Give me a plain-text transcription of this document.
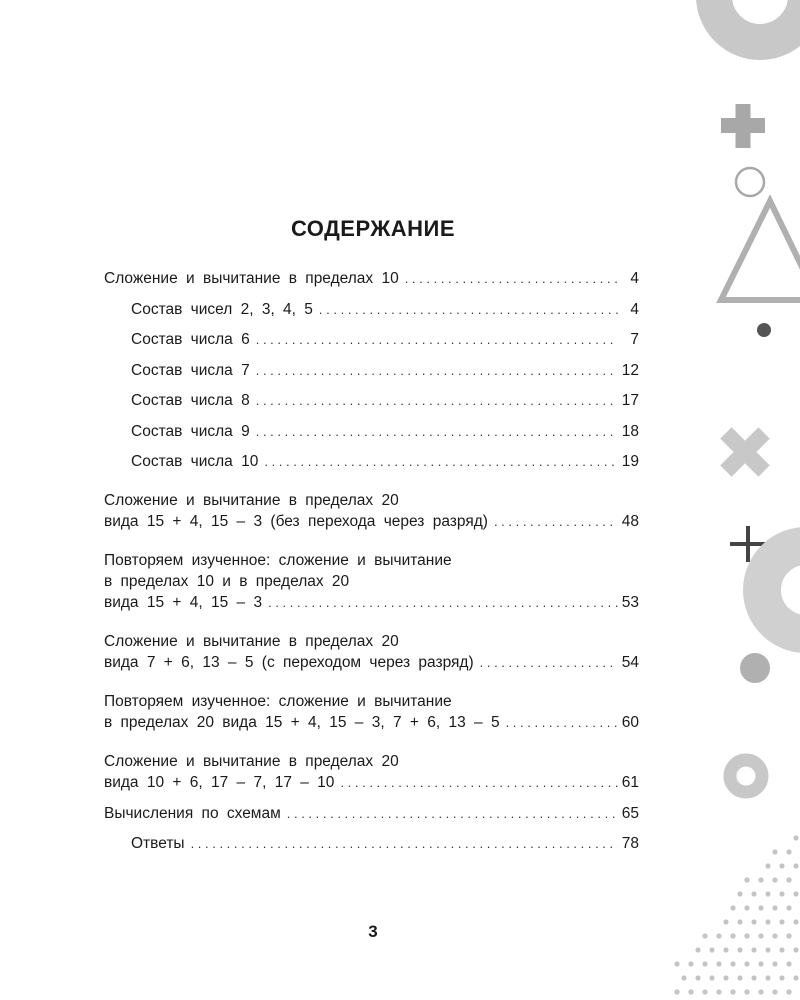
СОДЕРЖАНИЕ
Сложение и вычитание в пределах 10 . . .	4
Состав чисел 2, 3, 4, 5 . . .	4
Состав числа 6 . . .	7
Состав числа 7 . . .	12
Состав числа 8 . . .	17
Состав числа 9 . . .	18
Состав числа 10 . . .	19
Сложение и вычитание в пределах 20
вида 15 + 4, 15 – 3 (без перехода через разряд) . . .	48
Повторяем изученное: сложение и вычитание
в пределах 10 и в пределах 20
вида 15 + 4, 15 – 3 . . .	53
Сложение и вычитание в пределах 20
вида 7 + 6, 13 – 5 (с переходом через разряд) . . .	54
Повторяем изученное: сложение и вычитание
в пределах 20 вида 15 + 4, 15 – 3, 7 + 6, 13 – 5 . . .	60
Сложение и вычитание в пределах 20
вида 10 + 6, 17 – 7, 17 – 10 . . .	61
Вычисления по схемам . . .	65
Ответы . . .	78
3
